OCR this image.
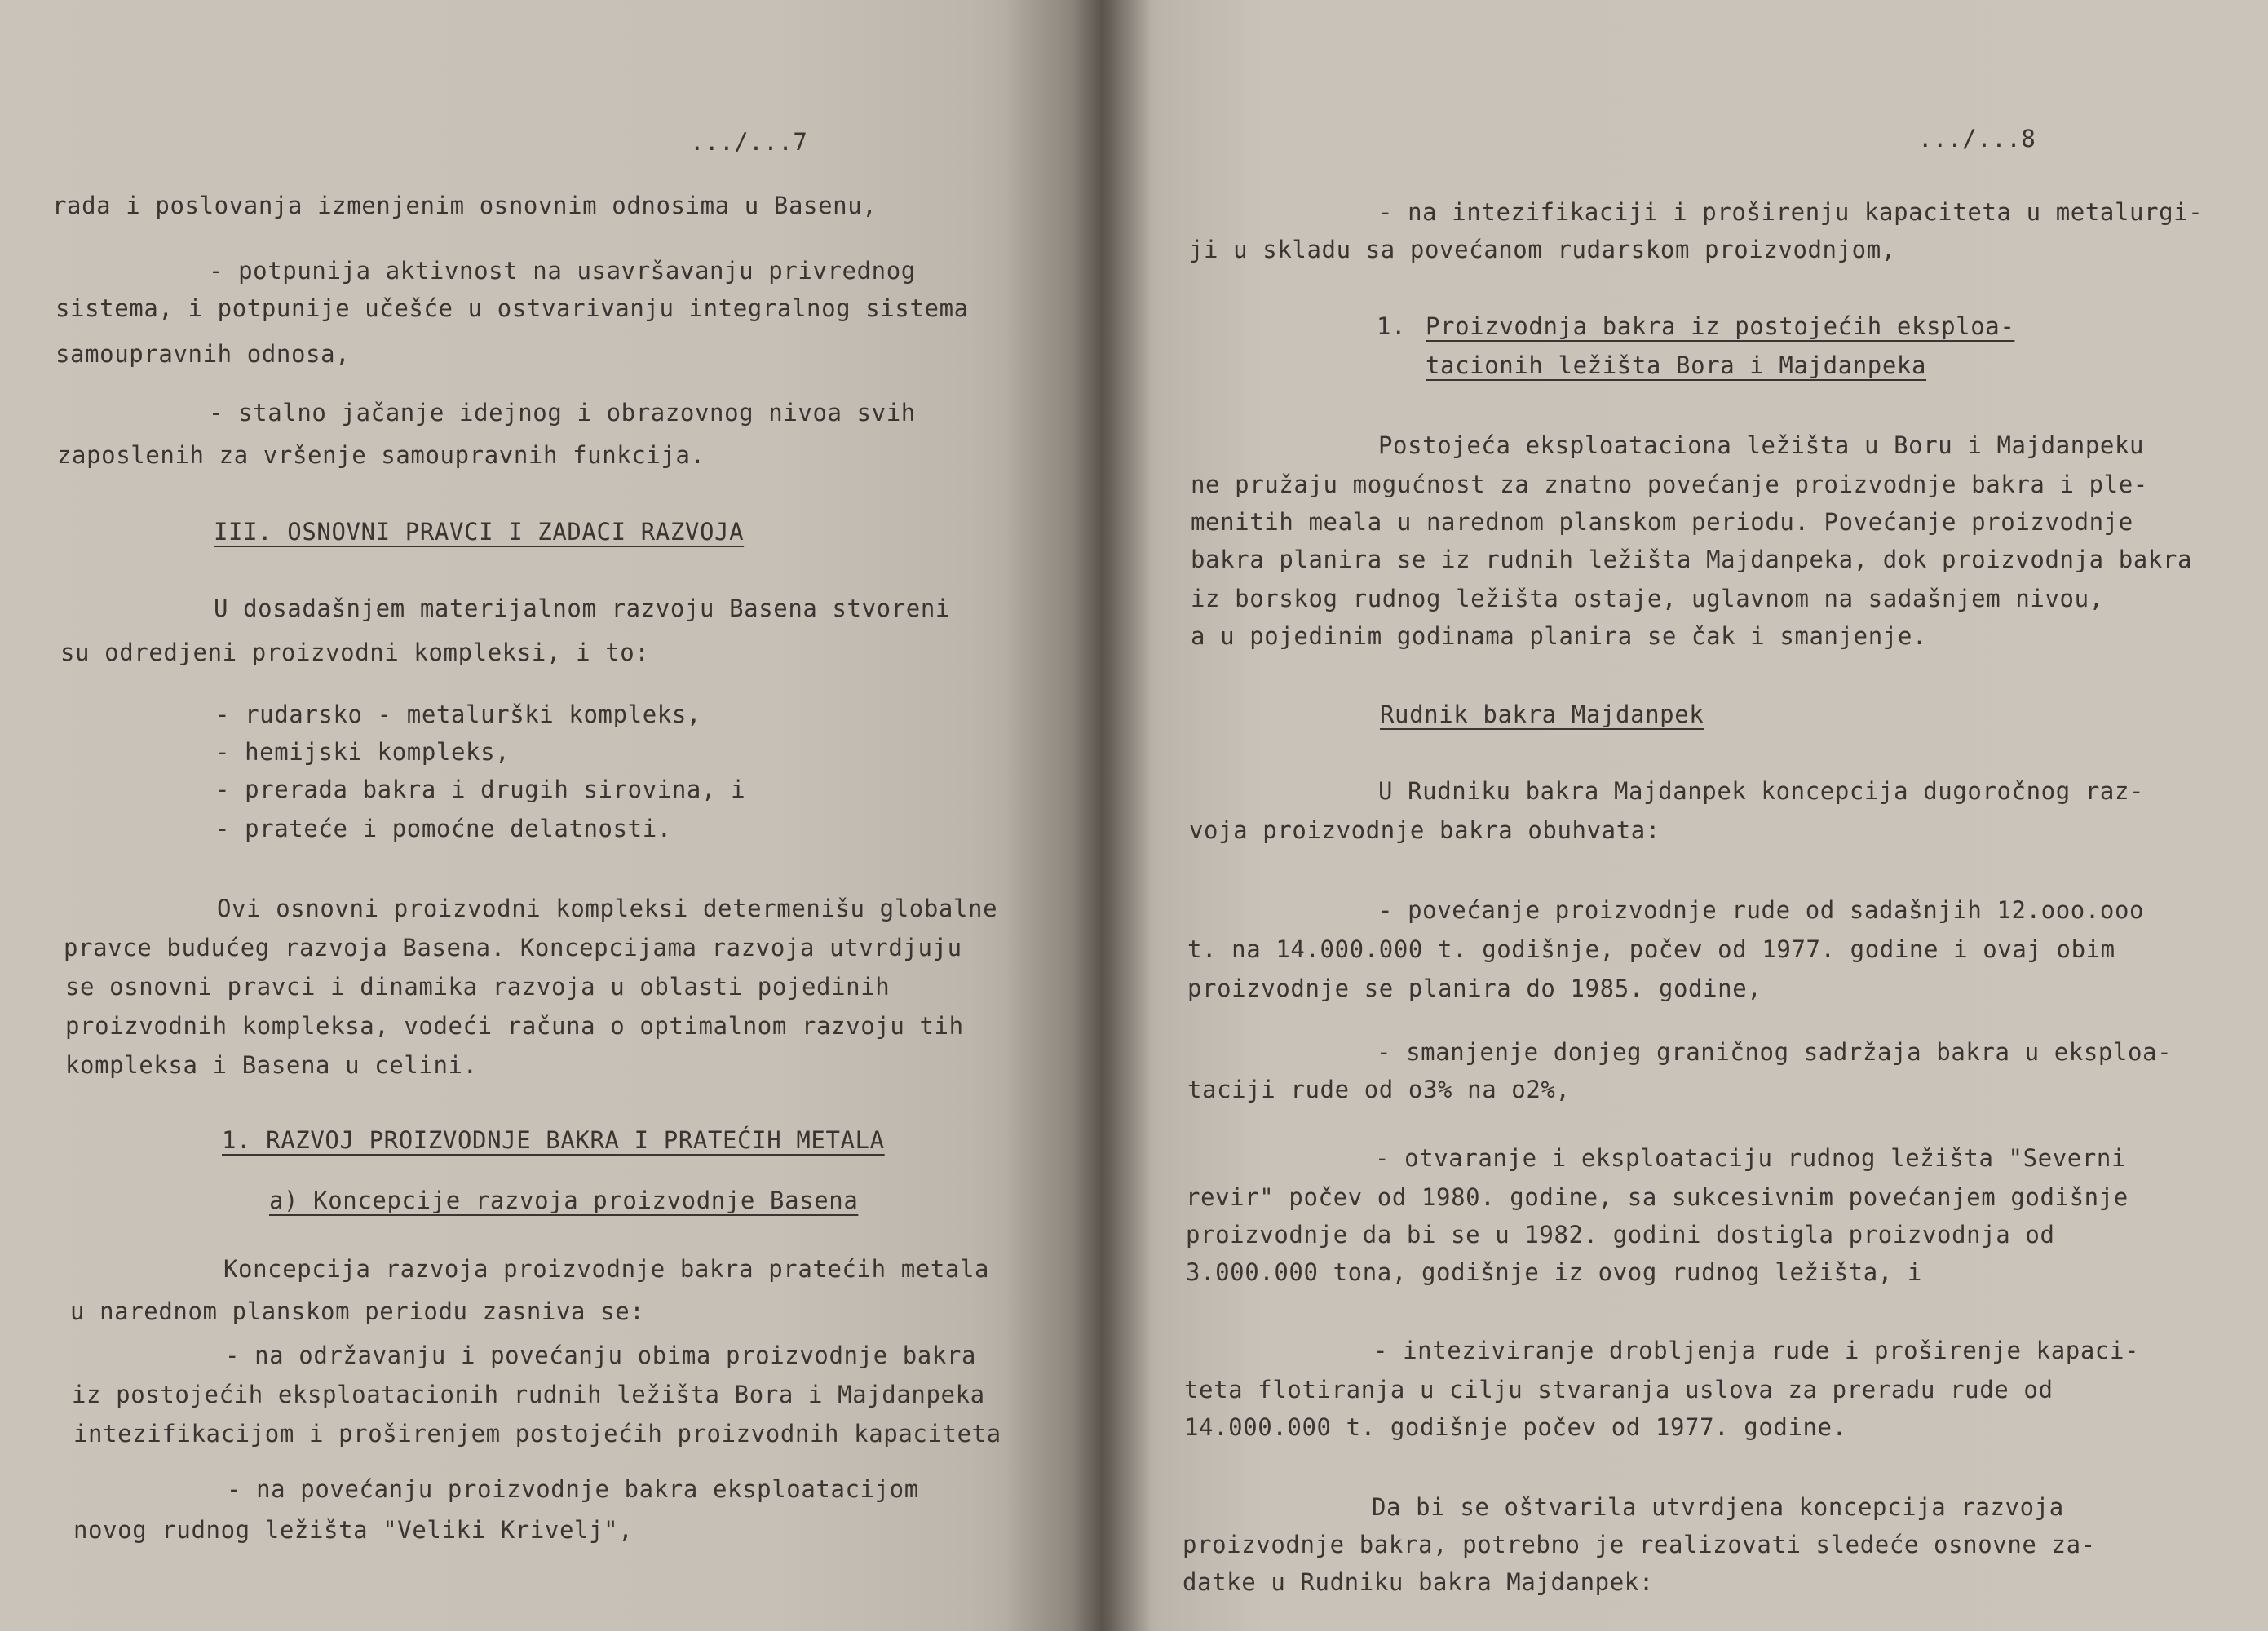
.../...7
rada i poslovanja izmenjenim osnovnim odnosima u Basenu,
- potpunija aktivnost na usavršavanju privrednog
sistema, i potpunije učešće u ostvarivanju integralnog sistema
samoupravnih odnosa,
- stalno jačanje idejnog i obrazovnog nivoa svih
zaposlenih za vršenje samoupravnih funkcija.
III. OSNOVNI PRAVCI I ZADACI RAZVOJA
U dosadašnjem materijalnom razvoju Basena stvoreni
su odredjeni proizvodni kompleksi, i to:
- rudarsko - metalurški kompleks,
- hemijski kompleks,
- prerada bakra i drugih sirovina, i
- prateće i pomoćne delatnosti.
Ovi osnovni proizvodni kompleksi determenišu globalne
pravce budućeg razvoja Basena. Koncepcijama razvoja utvrdjuju
se osnovni pravci i dinamika razvoja u oblasti pojedinih
proizvodnih kompleksa, vodeći računa o optimalnom razvoju tih
kompleksa i Basena u celini.
1. RAZVOJ PROIZVODNJE BAKRA I PRATEĆIH METALA
a) Koncepcije razvoja proizvodnje Basena
Koncepcija razvoja proizvodnje bakra pratećih metala
u narednom planskom periodu zasniva se:
- na održavanju i povećanju obima proizvodnje bakra
iz postojećih eksploatacionih rudnih ležišta Bora i Majdanpeka
intezifikacijom i proširenjem postojećih proizvodnih kapaciteta
- na povećanju proizvodnje bakra eksploatacijom
novog rudnog ležišta "Veliki Krivelj",
.../...8
- na intezifikaciji i proširenju kapaciteta u metalurgi-
ji u skladu sa povećanom rudarskom proizvodnjom,
1. Proizvodnja bakra iz postojećih eksploa-
tacionih ležišta Bora i Majdanpeka
Postojeća eksploataciona ležišta u Boru i Majdanpeku
ne pružaju mogućnost za znatno povećanje proizvodnje bakra i ple-
menitih meala u narednom planskom periodu. Povećanje proizvodnje
bakra planira se iz rudnih ležišta Majdanpeka, dok proizvodnja bakra
iz borskog rudnog ležišta ostaje, uglavnom na sadašnjem nivou,
a u pojedinim godinama planira se čak i smanjenje.
Rudnik bakra Majdanpek
U Rudniku bakra Majdanpek koncepcija dugoročnog raz-
voja proizvodnje bakra obuhvata:
- povećanje proizvodnje rude od sadašnjih 12.ooo.ooo
t. na 14.000.000 t. godišnje, počev od 1977. godine i ovaj obim
proizvodnje se planira do 1985. godine,
- smanjenje donjeg graničnog sadržaja bakra u eksploa-
taciji rude od o3% na o2%,
- otvaranje i eksploataciju rudnog ležišta "Severni
revir" počev od 1980. godine, sa sukcesivnim povećanjem godišnje
proizvodnje da bi se u 1982. godini dostigla proizvodnja od
3.000.000 tona, godišnje iz ovog rudnog ležišta, i
- inteziviranje drobljenja rude i proširenje kapaci-
teta flotiranja u cilju stvaranja uslova za preradu rude od
14.000.000 t. godišnje počev od 1977. godine.
Da bi se oštvarila utvrdjena koncepcija razvoja
proizvodnje bakra, potrebno je realizovati sledeće osnovne za-
datke u Rudniku bakra Majdanpek:
